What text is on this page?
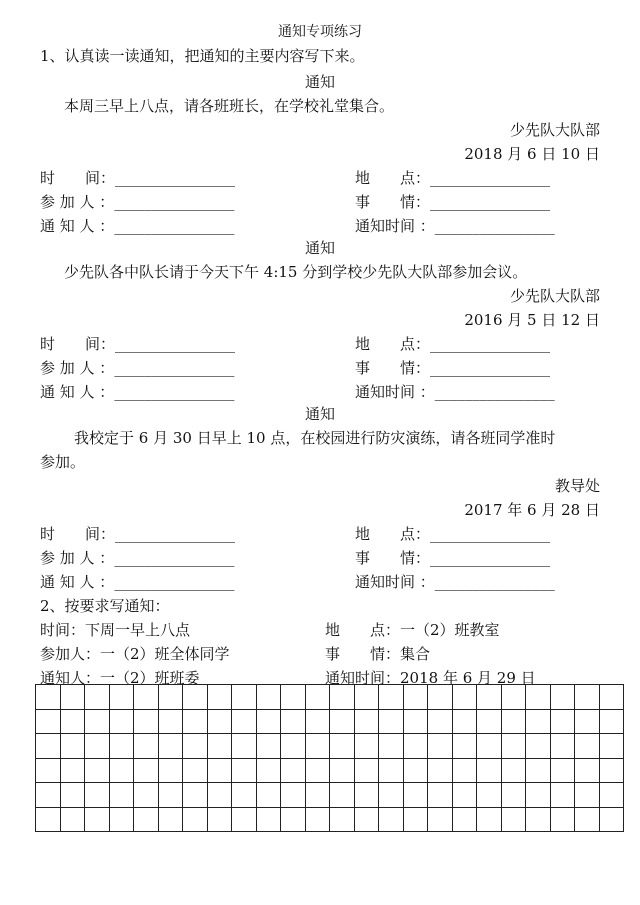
通知专项练习
1、认真读一读通知，把通知的主要内容写下来。
通知
本周三早上八点，请各班班长，在学校礼堂集合。
少先队大队部
2018 月 6 日 10 日
时　　间：________________	地　　点：________________
参 加 人 ：________________	事　　情：________________
通 知 人 ：________________	通知时间 ：________________
通知
少先队各中队长请于今天下午 4:15 分到学校少先队大队部参加会议。
少先队大队部
2016 月 5 日 12 日
时　　间：________________	地　　点：________________
参 加 人 ：________________	事　　情：________________
通 知 人 ：________________	通知时间 ：________________
通知
我校定于 6 月 30 日早上 10 点，在校园进行防灾演练，请各班同学准时
参加。
教导处
2017 年 6 月 28 日
时　　间：________________	地　　点：________________
参 加 人 ：________________	事　　情：________________
通 知 人 ：________________	通知时间 ：________________
2、按要求写通知：
时间：下周一早上八点	地　　点：一（2）班教室
参加人：一（2）班全体同学	事　　情：集合
通知人：一（2）班班委	通知时间：2018 年 6 月 29 日
